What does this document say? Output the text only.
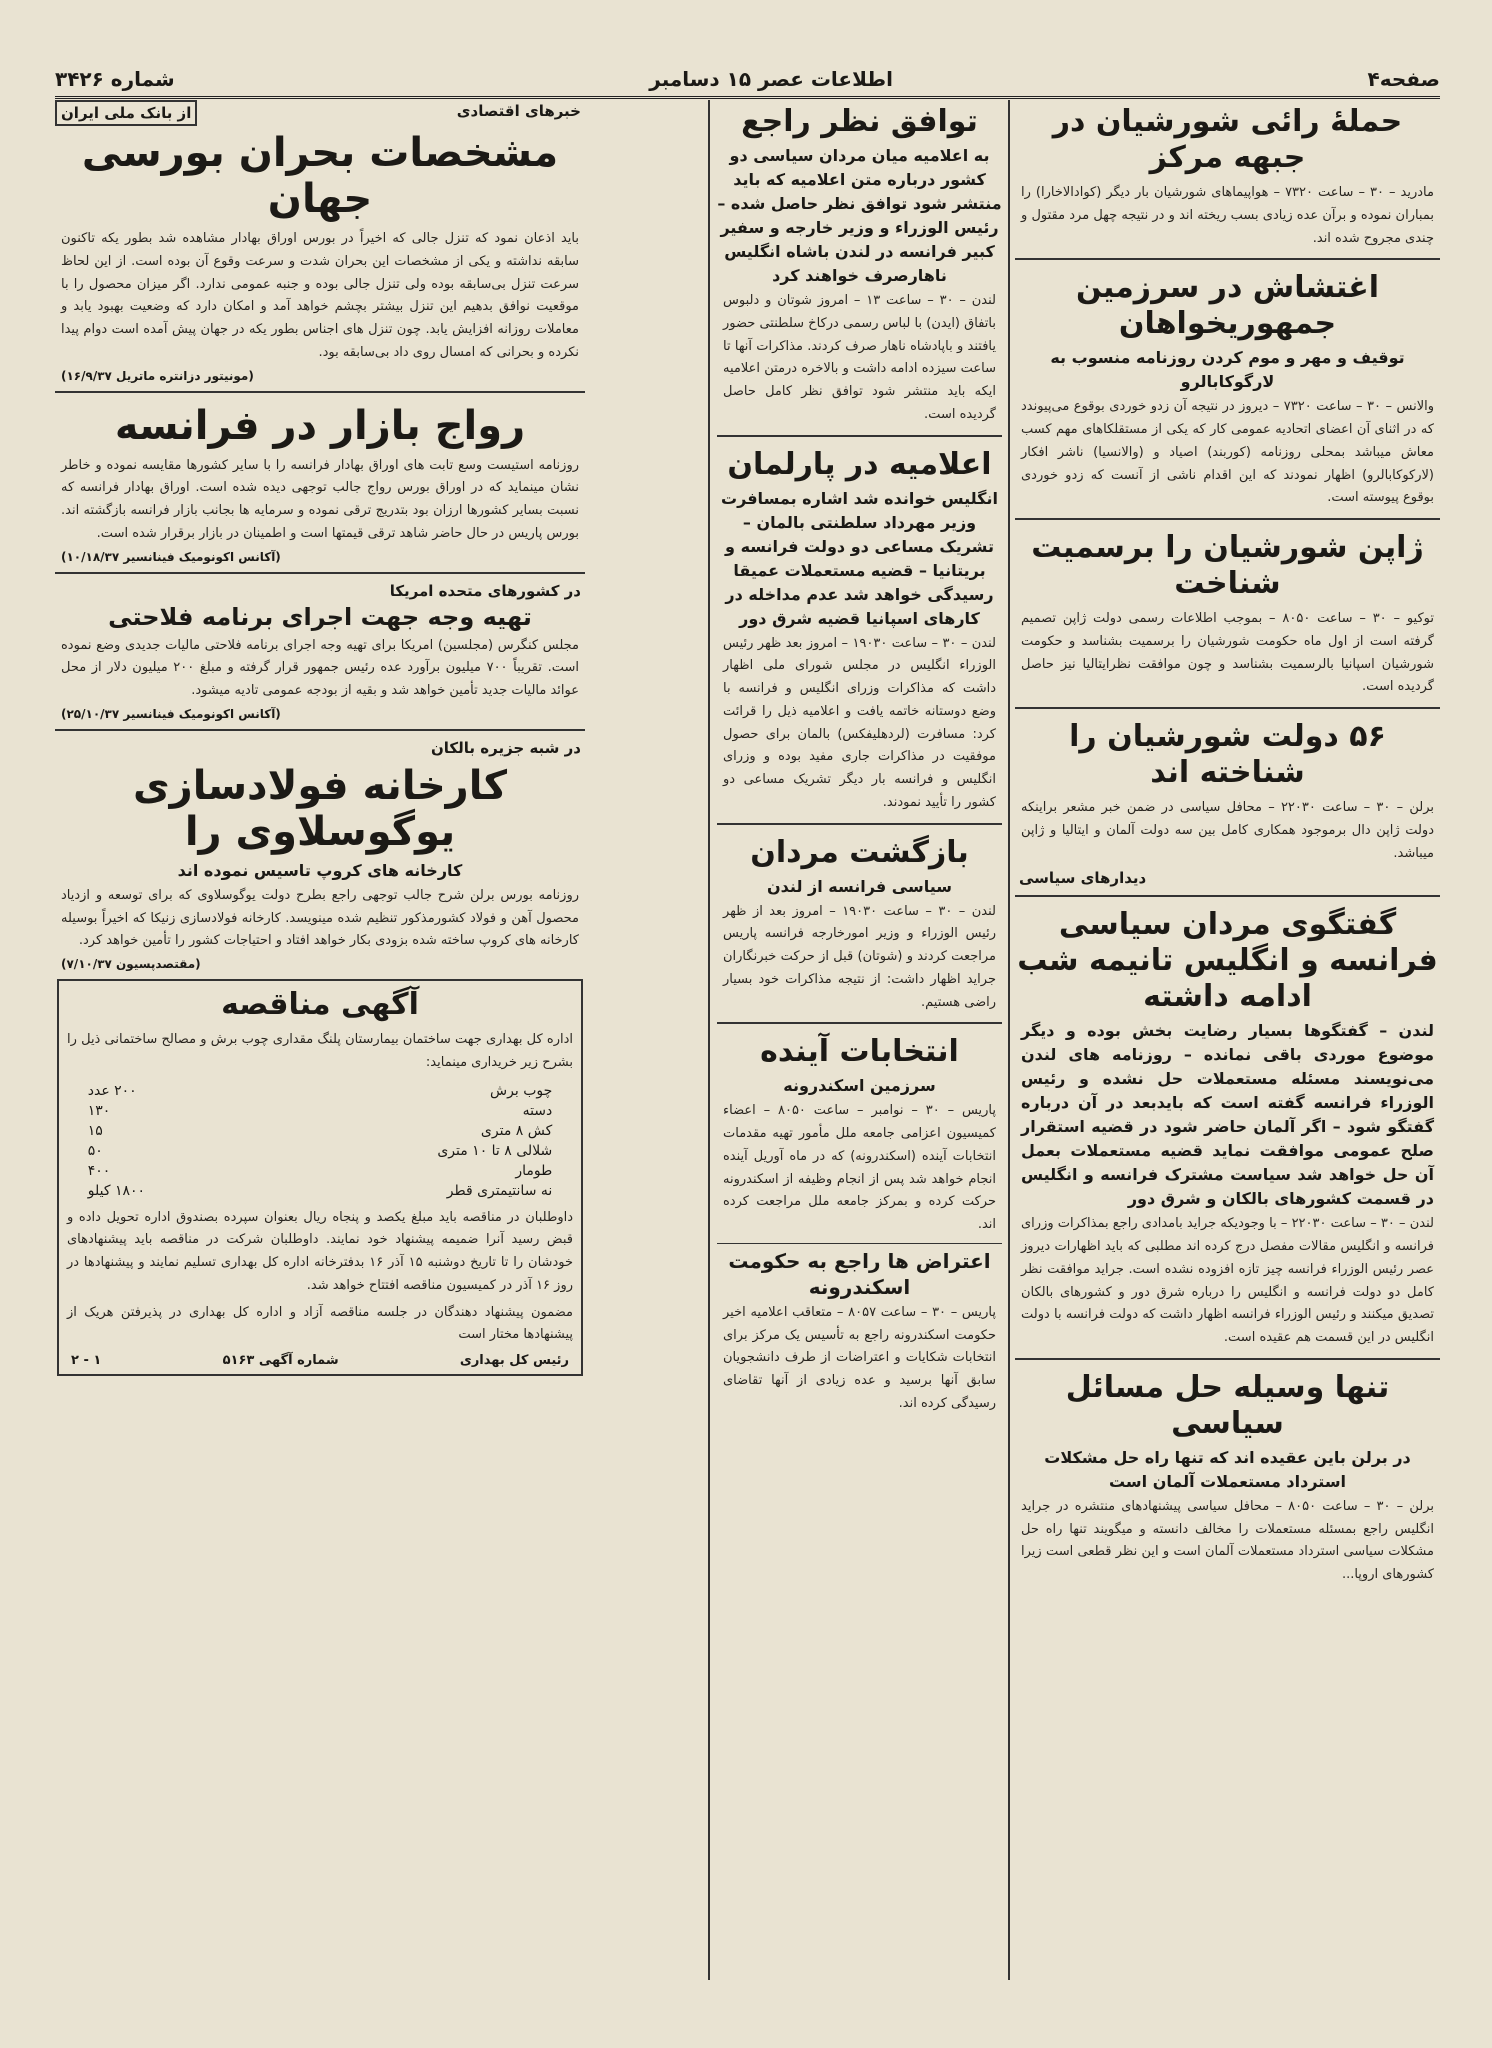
صفحه۴
اطلاعات عصر ۱۵ دسامبر
شماره ۳۴۲۶
حمله‌ٔ رائی شورشیان در جبهه مرکز
مادرید – ۳۰ – ساعت ۷۳۲۰ – هواپیماهای شورشیان بار دیگر (کوادالاخارا) را بمباران نموده و برآن عده زیادی بسب ریخته اند و در نتیجه چهل مرد مقتول و چندی مجروح شده اند.
اغتشاش در سرزمین جمهوریخواهان
توقیف و مهر و موم کردن روزنامه منسوب به لارگوکابالرو
والانس – ۳۰ – ساعت ۷۳۲۰ – دیروز در نتیجه آن زدو خوردی بوقوع می‌پیوندد که در اثنای آن اعضای اتحادیه عمومی کار که یکی از مستقلکاهای مهم کسب معاش میباشد بمحلی روزنامه (کوربند) اصیاد و (والانسیا) ناشر افکار (لارکوکابالرو) اظهار نمودند که این اقدام ناشی از آنست که زدو خوردی بوقوع پیوسته است.
ژاپن شورشیان را برسمیت شناخت
توکیو – ۳۰ – ساعت ۸۰۵۰ – بموجب اطلاعات رسمی دولت ژاپن تصمیم گرفته است از اول ماه حکومت شورشیان را برسمیت بشناسد و حکومت شورشیان اسپانیا بالرسمیت بشناسد و چون موافقت نظرایتالیا نیز حاصل گردیده است.
۵۶ دولت شورشیان را شناخته اند
برلن – ۳۰ – ساعت ۲۲۰۳۰ – محافل سیاسی در ضمن خبر مشعر براینکه دولت ژاپن دال برموجود همکاری کامل بین سه دولت آلمان و ایتالیا و ژاپن میباشد.
دیدارهای سیاسی
گفتگوی مردان سیاسی فرانسه و انگلیس تانیمه شب ادامه داشته
لندن – گفتگوها بسیار رضایت بخش بوده و دیگر موضوع موردی باقی نمانده – روزنامه های لندن می‌نویسند مسئله مستعملات حل نشده و رئیس الوزراء فرانسه گفته است که بایدبعد در آن درباره گفتگو شود – اگر آلمان حاضر شود در قضیه استقرار صلح عمومی موافقت نماید قضیه مستعملات بعمل آن حل خواهد شد سیاست مشترک فرانسه و انگلیس در قسمت کشورهای بالکان و شرق دور
لندن – ۳۰ – ساعت ۲۲۰۳۰ – با وجودیکه جراید بامدادی راجع بمذاکرات وزرای فرانسه و انگلیس مقالات مفصل درج کرده اند مطلبی که باید اظهارات دیروز عصر رئیس الوزراء فرانسه چیز تازه افزوده نشده است. جراید موافقت نظر کامل دو دولت فرانسه و انگلیس را درباره شرق دور و کشورهای بالکان تصدیق میکنند و رئیس الوزراء فرانسه اظهار داشت که دولت فرانسه با دولت انگلیس در این قسمت هم عقیده است.
تنها وسیله حل مسائل سیاسی
در برلن باین عقیده اند که تنها راه حل مشکلات استرداد مستعملات آلمان است
برلن – ۳۰ – ساعت ۸۰۵۰ – محافل سیاسی پیشنهادهای منتشره در جراید انگلیس راجع بمسئله مستعملات را مخالف دانسته و میگویند تنها راه حل مشکلات سیاسی استرداد مستعملات آلمان است و این نظر قطعی است زیرا کشورهای اروپا...
توافق نظر راجع
به اعلامیه میان مردان سیاسی دو کشور درباره متن اعلامیه که باید منتشر شود توافق نظر حاصل شده – رئیس الوزراء و وزیر خارجه و سفیر کبیر فرانسه در لندن باشاه انگلیس ناهارصرف خواهند کرد
لندن – ۳۰ – ساعت ۱۳ – امروز شوتان و دلبوس باتفاق (ایدن) با لباس رسمی درکاخ سلطنتی حضور یافتند و باپادشاه ناهار صرف کردند. مذاکرات آنها تا ساعت سیزده ادامه داشت و بالاخره درمتن اعلامیه ایکه باید منتشر شود توافق نظر کامل حاصل گردیده است.
اعلامیه در پارلمان
انگلیس خوانده شد اشاره بمسافرت وزیر مهرداد سلطنتی بالمان – تشریک مساعی دو دولت فرانسه و بریتانیا – قضیه مستعملات عمیقا رسیدگی خواهد شد عدم مداخله در کارهای اسپانیا قضیه شرق دور
لندن – ۳۰ – ساعت ۱۹۰۳۰ – امروز بعد ظهر رئیس الوزراء انگلیس در مجلس شورای ملی اظهار داشت که مذاکرات وزرای انگلیس و فرانسه با وضع دوستانه خاتمه یافت و اعلامیه ذیل را قرائت کرد: مسافرت (لردهلیفکس) بالمان برای حصول موفقیت در مذاکرات جاری مفید بوده و وزرای انگلیس و فرانسه بار دیگر تشریک مساعی دو کشور را تأیید نمودند.
بازگشت مردان
سیاسی فرانسه از لندن
لندن – ۳۰ – ساعت ۱۹۰۳۰ – امروز بعد از ظهر رئیس الوزراء و وزیر امورخارجه فرانسه پاریس مراجعت کردند و (شوتان) قبل از حرکت خبرنگاران جراید اظهار داشت: از نتیجه مذاکرات خود بسیار راضی هستیم.
انتخابات آینده
سرزمین اسکندرونه
پاریس – ۳۰ – نوامبر – ساعت ۸۰۵۰ – اعضاء کمیسیون اعزامی جامعه ملل مأمور تهیه مقدمات انتخابات آینده (اسکندرونه) که در ماه آوریل آینده انجام خواهد شد پس از انجام وظیفه از اسکندرونه حرکت کرده و بمرکز جامعه ملل مراجعت کرده اند.
اعتراض ها راجع به حکومت اسکندرونه
پاریس – ۳۰ – ساعت ۸۰۵۷ – متعاقب اعلامیه اخیر حکومت اسکندرونه راجع به تأسیس یک مرکز برای انتخابات شکایات و اعتراضات از طرف دانشجویان سابق آنها برسید و عده زیادی از آنها تقاضای رسیدگی کرده اند.
خبرهای اقتصادی
از بانک ملی ایران
مشخصات بحران بورسی جهان
باید اذعان نمود که تنزل جالی که اخیراً در بورس اوراق بهادار مشاهده شد بطور یکه تاکنون سابقه نداشته و یکی از مشخصات این بحران شدت و سرعت وقوع آن بوده است. از این لحاظ سرعت تنزل بی‌سابقه بوده ولی تنزل جالی بوده و جنبه عمومی ندارد. اگر میزان محصول را با موقعیت نوافق بدهیم این تنزل بیشتر بچشم خواهد آمد و امکان دارد که وضعیت بهبود یابد و معاملات روزانه افزایش یابد. چون تنزل های اجناس بطور یکه در جهان پیش آمده است دوام پیدا نکرده و بحرانی که امسال روی داد بی‌سابقه بود.
(مونیتور دزانتره ماتریل ۱۶/۹/۳۷)
رواج بازار در فرانسه
روزنامه استیست وسع تابت های اوراق بهادار فرانسه را با سایر کشورها مقایسه نموده و خاطر نشان مینماید که در اوراق بورس رواج جالب توجهی دیده شده است. اوراق بهادار فرانسه که نسبت بسایر کشورها ارزان بود بتدریج ترقی نموده و سرمایه ها بجانب بازار فرانسه بازگشته اند. بورس پاریس در حال حاضر شاهد ترقی قیمتها است و اطمینان در بازار برقرار شده است.
(آکانس اکونومیک فینانسیر ۱۰/۱۸/۳۷)
در کشورهای متحده امریکا
تهیه وجه جهت اجرای برنامه فلاحتی
مجلس کنگرس (مجلسین) امریکا برای تهیه وجه اجرای برنامه فلاحتی مالیات جدیدی وضع نموده است. تقریباً ۷۰۰ میلیون برآورد عده رئیس جمهور قرار گرفته و مبلغ ۲۰۰ میلیون دلار از محل عوائد مالیات جدید تأمین خواهد شد و بقیه از بودجه عمومی تادیه میشود.
(آکانس اکونومیک فینانسیر ۲۵/۱۰/۳۷)
در شبه جزیره بالکان
کارخانه فولادسازی یوگوسلاوی را
کارخانه های کروپ تاسیس نموده اند
روزنامه بورس برلن شرح جالب توجهی راجع بطرح دولت یوگوسلاوی که برای توسعه و ازدیاد محصول آهن و فولاد کشورمذکور تنظیم شده مینویسد. کارخانه فولادسازی زنیکا که اخیراً بوسیله کارخانه های کروپ ساخته شده بزودی بکار خواهد افتاد و احتیاجات کشور را تأمین خواهد کرد.
(مقتصدپسیون ۷/۱۰/۳۷)
آگهی مناقصه
اداره کل بهداری جهت ساختمان بیمارستان پلنگ مقداری چوب برش و مصالح ساختمانی ذیل را بشرح زیر خریداری مینماید:
چوب برش	۲۰۰ عدد
دسته	۱۳۰
کش ۸ متری	۱۵
شلالی ۸ تا ۱۰ متری	۵۰
طومار	۴۰۰
نه سانتیمتری قطر	۱۸۰۰ کیلو
داوطلبان در مناقصه باید مبلغ یکصد و پنجاه ریال بعنوان سپرده بصندوق اداره تحویل داده و قبض رسید آنرا ضمیمه پیشنهاد خود نمایند. داوطلبان شرکت در مناقصه باید پیشنهادهای خودشان را تا تاریخ دوشنبه ۱۵ آذر ۱۶ بدفترخانه اداره کل بهداری تسلیم نمایند و پیشنهادها در روز ۱۶ آذر در کمیسیون مناقصه افتتاح خواهد شد.
مضمون پیشنهاد دهندگان در جلسه مناقصه آزاد و اداره کل بهداری در پذیرفتن هریک از پیشنهادها مختار است
رئیس کل بهداری
شماره آگهی ۵۱۶۳
۱ - ۲
